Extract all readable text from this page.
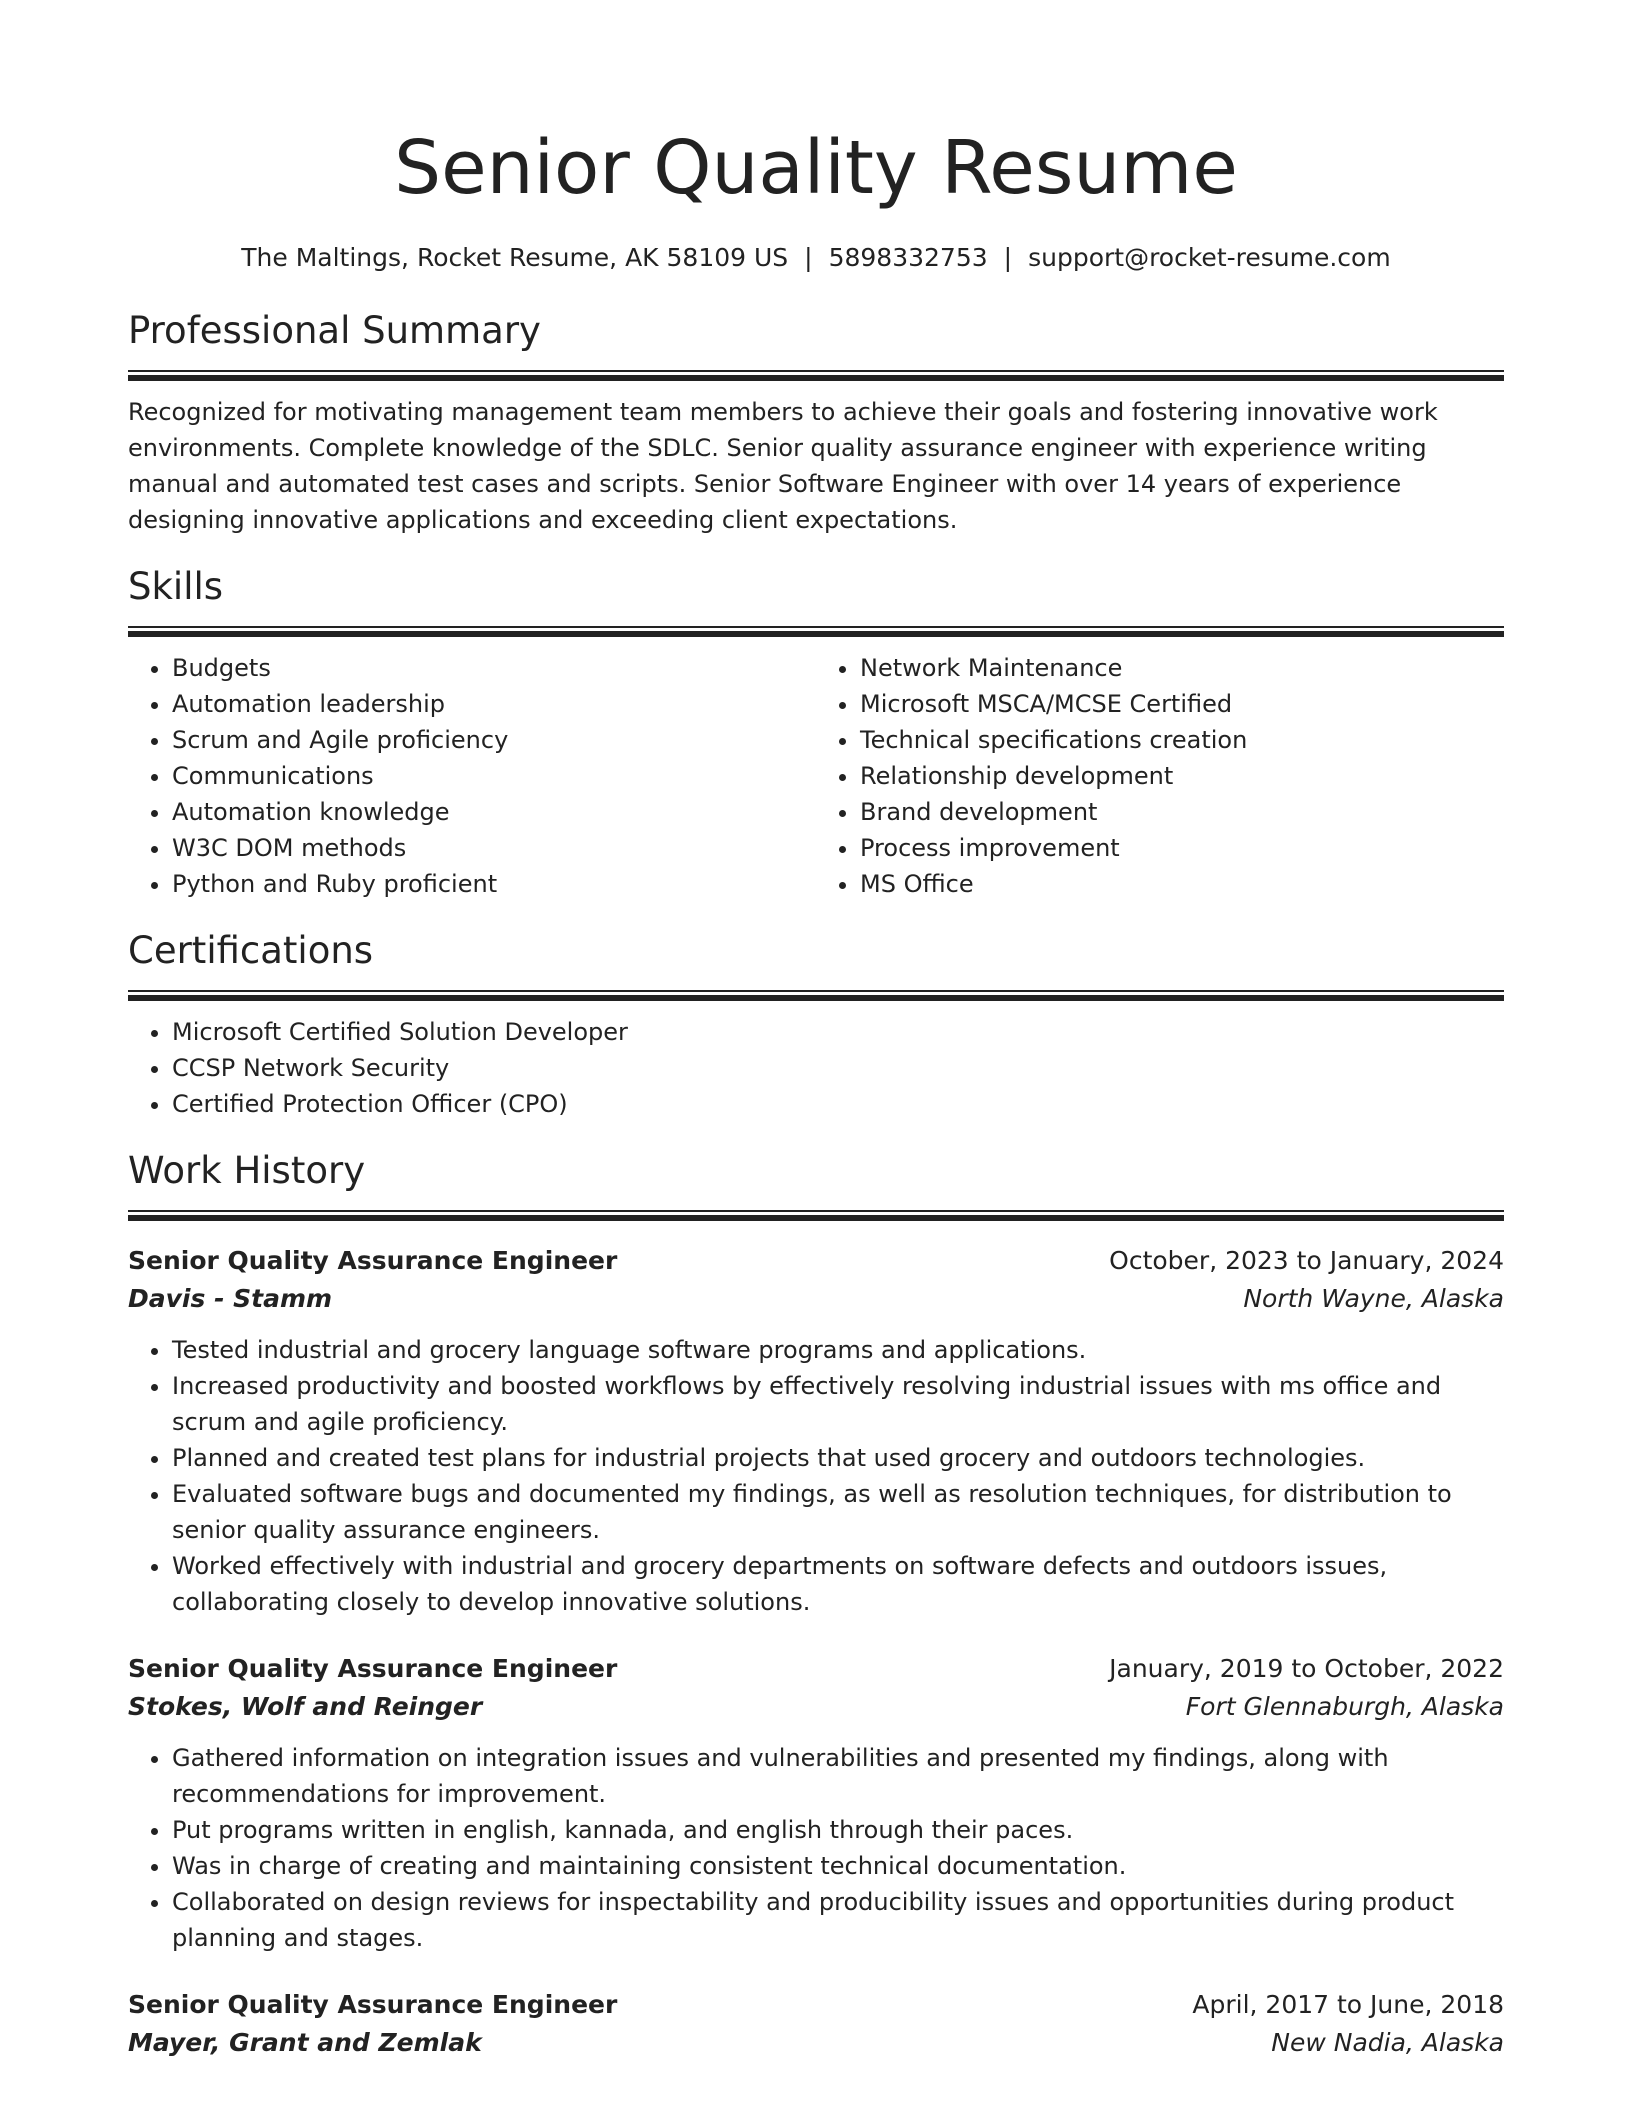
Senior Quality Resume
The Maltings, Rocket Resume, AK 58109 US | 5898332753 | support@rocket-resume.com
Professional Summary
Recognized for motivating management team members to achieve their goals and fostering innovative work environments. Complete knowledge of the SDLC. Senior quality assurance engineer with experience writing manual and automated test cases and scripts. Senior Software Engineer with over 14 years of experience designing innovative applications and exceeding client expectations.
Skills
• Budgets
• Automation leadership
• Scrum and Agile proficiency
• Communications
• Automation knowledge
• W3C DOM methods
• Python and Ruby proficient
• Network Maintenance
• Microsoft MSCA/MCSE Certified
• Technical specifications creation
• Relationship development
• Brand development
• Process improvement
• MS Office
Certifications
• Microsoft Certified Solution Developer
• CCSP Network Security
• Certified Protection Officer (CPO)
Work History
Senior Quality Assurance Engineer	October, 2023 to January, 2024
Davis - Stamm	North Wayne, Alaska
• Tested industrial and grocery language software programs and applications.
• Increased productivity and boosted workflows by effectively resolving industrial issues with ms office and scrum and agile proficiency.
• Planned and created test plans for industrial projects that used grocery and outdoors technologies.
• Evaluated software bugs and documented my findings, as well as resolution techniques, for distribution to senior quality assurance engineers.
• Worked effectively with industrial and grocery departments on software defects and outdoors issues, collaborating closely to develop innovative solutions.
Senior Quality Assurance Engineer	January, 2019 to October, 2022
Stokes, Wolf and Reinger	Fort Glennaburgh, Alaska
• Gathered information on integration issues and vulnerabilities and presented my findings, along with recommendations for improvement.
• Put programs written in english, kannada, and english through their paces.
• Was in charge of creating and maintaining consistent technical documentation.
• Collaborated on design reviews for inspectability and producibility issues and opportunities during product planning and stages.
Senior Quality Assurance Engineer	April, 2017 to June, 2018
Mayer, Grant and Zemlak	New Nadia, Alaska
